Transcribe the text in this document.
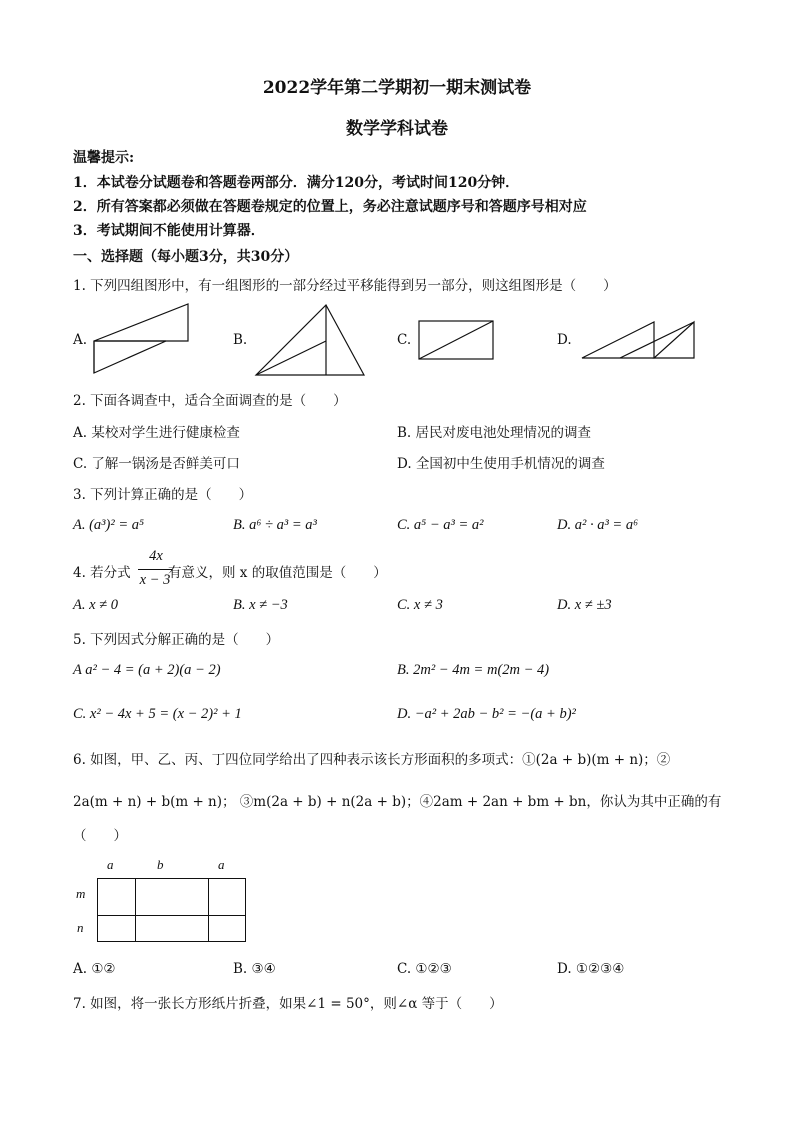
2022学年第二学期初一期末测试卷
数学学科试卷
温馨提示:
1．本试卷分试题卷和答题卷两部分．满分120分，考试时间120分钟．
2．所有答案都必须做在答题卷规定的位置上，务必注意试题序号和答题序号相对应
3．考试期间不能使用计算器．
一、选择题（每小题3分，共30分）
1. 下列四组图形中，有一组图形的一部分经过平移能得到另一部分，则这组图形是（　　）
A.	B.	C.	D.
2. 下面各调查中，适合全面调查的是（　　）
A. 某校对学生进行健康检查	B. 居民对废电池处理情况的调查
C. 了解一锅汤是否鲜美可口	D. 全国初中生使用手机情况的调查
3. 下列计算正确的是（　　）
A. (a³)² = a⁵	B. a⁶ ÷ a³ = a³	C. a⁵ − a³ = a²	D. a² · a³ = a⁶
4. 若分式
4x
x − 3
有意义，则 x 的取值范围是（　　）
A. x ≠ 0	B. x ≠ −3	C. x ≠ 3	D. x ≠ ±3
5. 下列因式分解正确的是（　　）
A a² − 4 = (a + 2)(a − 2)	B. 2m² − 4m = m(2m − 4)
C. x² − 4x + 5 = (x − 2)² + 1	D. −a² + 2ab − b² = −(a + b)²
6. 如图，甲、乙、丙、丁四位同学给出了四种表示该长方形面积的多项式：①(2a + b)(m + n)；②
2a(m + n) + b(m + n)； ③m(2a + b) + n(2a + b)；④2am + 2an + bm + bn，你认为其中正确的有
（　　）
a	b	a
m
n

A. ①②	B. ③④	C. ①②③	D. ①②③④
7. 如图，将一张长方形纸片折叠，如果∠1 = 50°，则∠α 等于（　　）
